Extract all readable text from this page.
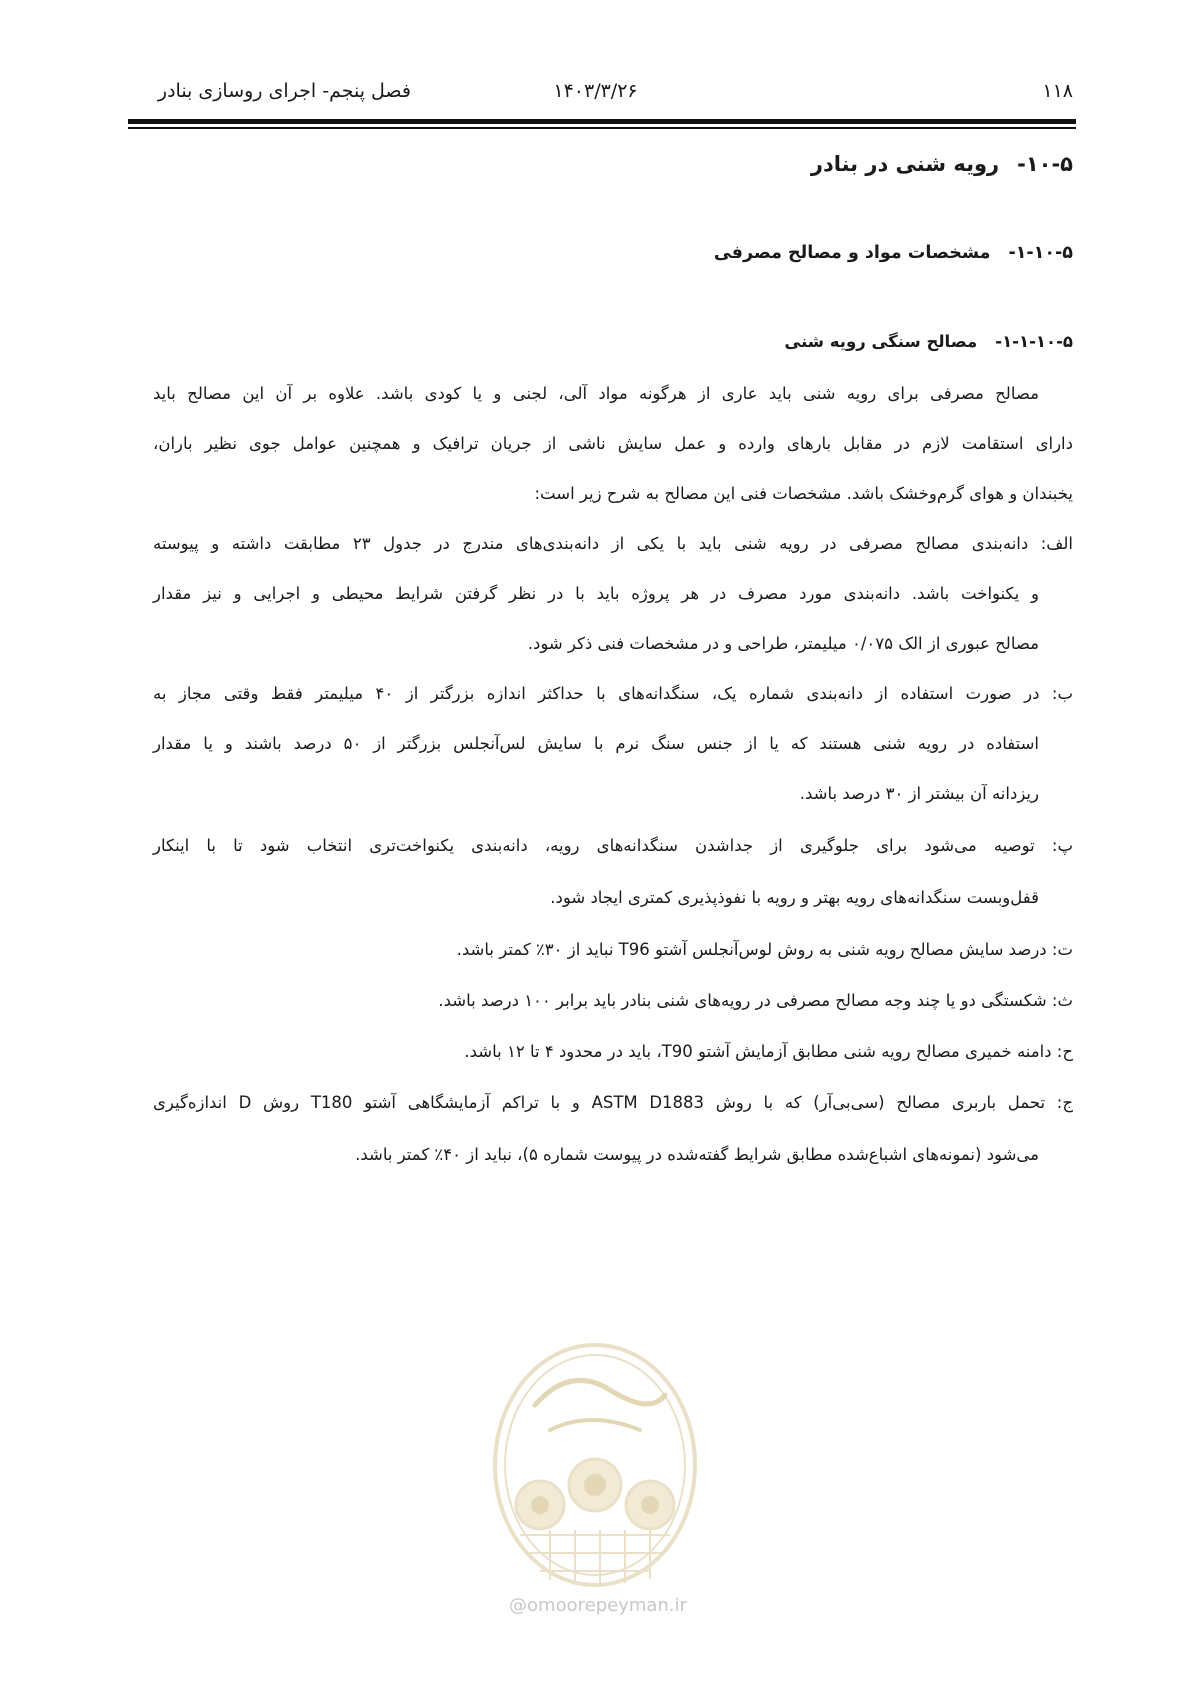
فصل پنجم- اجرای روسازی بنادر	۱۴۰۳/۳/۲۶	۱۱۸
۱۰-۵-رویه شنی در بنادر
۱-۱۰-۵-مشخصات مواد و مصالح مصرفی
۱-۱-۱۰-۵-مصالح سنگی رویه شنی
مصالح مصرفی برای رویه شنی باید عاری از هرگونه مواد آلی، لجنی و یا کودی باشد. علاوه بر آن این مصالح باید
دارای استقامت لازم در مقابل بارهای وارده و عمل سایش ناشی از جریان ترافیک و همچنین عوامل جوی نظیر باران،
یخبندان و هوای گرم‌وخشک باشد. مشخصات فنی این مصالح به شرح زیر است:
الف: دانه‌بندی مصالح مصرفی در رویه شنی باید با یکی از دانه‌بندی‌های مندرج در جدول ۲۳ مطابقت داشته و پیوسته
و یکنواخت باشد. دانه‌بندی مورد مصرف در هر پروژه باید با در نظر گرفتن شرایط محیطی و اجرایی و نیز مقدار
مصالح عبوری از الک ۰/۰۷۵ میلیمتر، طراحی و در مشخصات فنی ذکر شود.
ب: در صورت استفاده از دانه‌بندی شماره یک، سنگدانه‌های با حداکثر اندازه بزرگتر از ۴۰ میلیمتر فقط وقتی مجاز به
استفاده در رویه شنی هستند که یا از جنس سنگ نرم با سایش لس‌آنجلس بزرگتر از ۵۰ درصد باشند و یا مقدار
ریزدانه آن بیشتر از ۳۰ درصد باشد.
پ: توصیه می‌شود برای جلوگیری از جداشدن سنگدانه‌های رویه، دانه‌بندی یکنواخت‌تری انتخاب شود تا با اینکار
قفل‌وبست سنگدانه‌های رویه بهتر و رویه با نفوذپذیری کمتری ایجاد شود.
ت: درصد سایش مصالح رویه شنی به روش لوس‌آنجلس آشتو T96 نباید از ۳۰٪ کمتر باشد.
ث: شکستگی دو یا چند وجه مصالح مصرفی در رویه‌های شنی بنادر باید برابر ۱۰۰ درصد باشد.
ح: دامنه خمیری مصالح رویه شنی مطابق آزمایش آشتو T90، باید در محدود ۴ تا ۱۲ باشد.
ج: تحمل باربری مصالح (سی‌بی‌آر) که با روش ASTM D1883 و با تراکم آزمایشگاهی آشتو T180 روش D اندازه‌گیری
می‌شود (نمونه‌های اشباع‌شده مطابق شرایط گفته‌شده در پیوست شماره ۵)، نباید از ۴۰٪ کمتر باشد.
@omoorepeyman.ir
